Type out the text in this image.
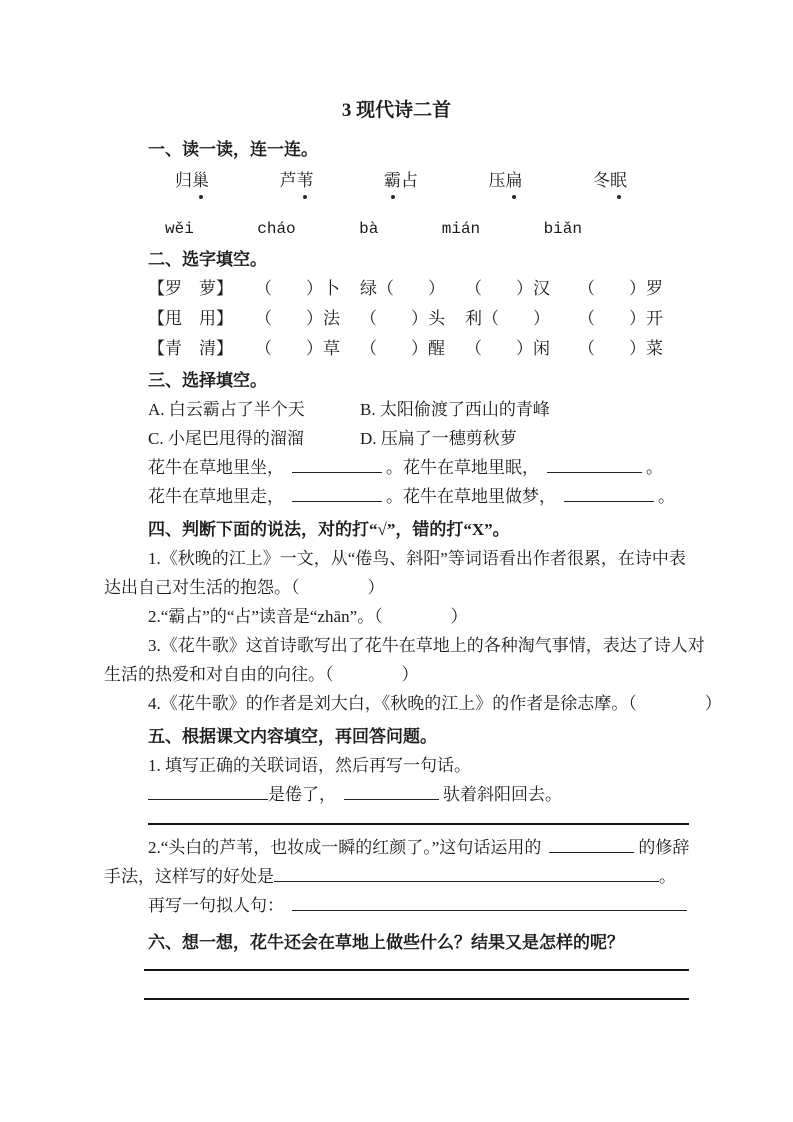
3 现代诗二首

一、读一读，连一连。

归巢	芦苇	霸占	压扁	冬眠
wěi	cháo	bà	mián	biǎn

二、选字填空。

【罗　萝】	（　　）卜	绿（　　）	（　　）汉	（　　）罗
【甩　用】	（　　）法	（　　）头	利（　　）	（　　）开
【青　清】	（　　）草	（　　）醒	（　　）闲	（　　）菜

三、选择填空。

A. 白云霸占了半个天	B. 太阳偷渡了西山的青峰
C. 小尾巴甩得的溜溜	D. 压扁了一穗剪秋萝

花牛在草地里坐，	。花牛在草地里眠，	。

花牛在草地里走，	。花牛在草地里做梦，	。

四、判断下面的说法，对的打“√”，错的打“X”。

1.《秋晚的江上》一文，从“倦鸟、斜阳”等词语看出作者很累，在诗中表

达出自己对生活的抱怨。（　　　　）

2.“霸占”的“占”读音是“zhān”。（　　　　）

3.《花牛歌》这首诗歌写出了花牛在草地上的各种淘气事情，表达了诗人对

生活的热爱和对自由的向往。（　　　　）

4.《花牛歌》的作者是刘大白，《秋晚的江上》的作者是徐志摩。（　　　　）

五、根据课文内容填空，再回答问题。

1. 填写正确的关联词语，然后再写一句话。

是倦了，	驮着斜阳回去。

2.“头白的芦苇，也妆成一瞬的红颜了。”这句话运用的	的修辞

手法，这样写的好处是	。

再写一句拟人句：

六、想一想，花牛还会在草地上做些什么？结果又是怎样的呢？
